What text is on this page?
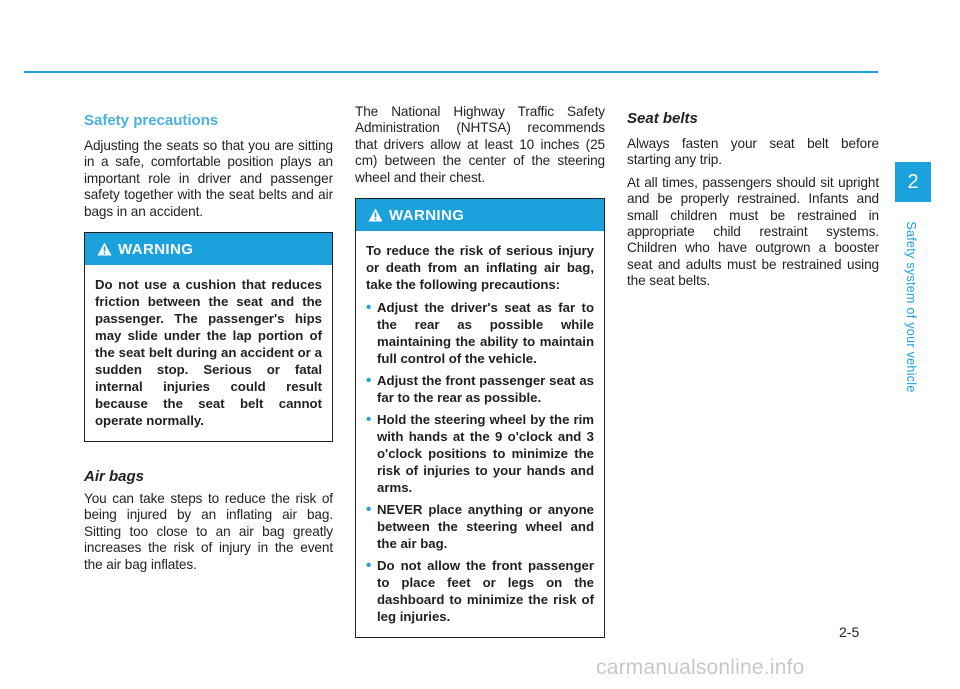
Safety precautions

Adjusting the seats so that you are sitting in a safe, comfortable position plays an important role in driver and passenger safety together with the seat belts and air bags in an accident.

WARNING
Do not use a cushion that reduces friction between the seat and the passenger. The passenger's hips may slide under the lap portion of the seat belt during an accident or a sudden stop. Serious or fatal internal injuries could result because the seat belt cannot operate normally.
Air bags

You can take steps to reduce the risk of being injured by an inflating air bag. Sitting too close to an air bag greatly increases the risk of injury in the event the air bag inflates.

The National Highway Traffic Safety Administration (NHTSA) recommends that drivers allow at least 10 inches (25 cm) between the center of the steering wheel and their chest.

WARNING
To reduce the risk of serious injury or death from an inflating air bag, take the following precautions:
• Adjust the driver's seat as far to the rear as possible while maintaining the ability to maintain full control of the vehicle.
• Adjust the front passenger seat as far to the rear as possible.
• Hold the steering wheel by the rim with hands at the 9 o'clock and 3 o'clock positions to minimize the risk of injuries to your hands and arms.
• NEVER place anything or anyone between the steering wheel and the air bag.
• Do not allow the front passenger to place feet or legs on the dashboard to minimize the risk of leg injuries.
Seat belts

Always fasten your seat belt before starting any trip.

At all times, passengers should sit upright and be properly restrained. Infants and small children must be restrained in appropriate child restraint systems. Children who have outgrown a booster seat and adults must be restrained using the seat belts.

2
Safety system of your vehicle
2-5
carmanualsonline.info
